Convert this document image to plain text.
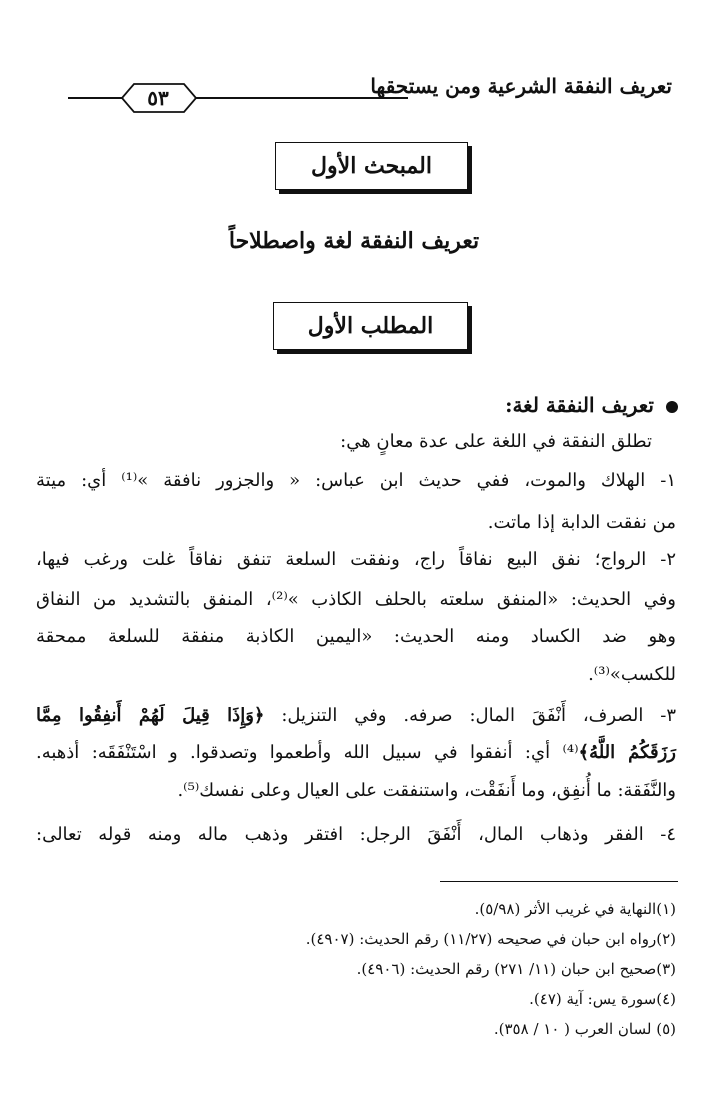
تعريف النفقة الشرعية ومن يستحقها
٥٣
المبحث الأول
تعريف النفقة لغة واصطلاحاً
المطلب الأول
تعريف النفقة لغة:
تطلق النفقة في اللغة على عدة معانٍ هي:
١- الهلاك والموت، ففي حديث ابن عباس: « والجزور نافقة »⁽¹⁾ أي: ميتة
من نفقت الدابة إذا ماتت.
٢- الرواج؛ نفق البيع نفاقاً راج، ونفقت السلعة تنفق نفاقاً غلت ورغب فيها،
وفي الحديث: «المنفق سلعته بالحلف الكاذب »⁽²⁾، المنفق بالتشديد من النفاق
وهو ضد الكساد ومنه الحديث: «اليمين الكاذبة منفقة للسلعة ممحقة
للكسب»⁽³⁾.
٣- الصرف، أَنْفَقَ المال: صرفه. وفي التنزيل: ﴿وَإِذَا قِيلَ لَهُمْ أَنفِقُوا مِمَّا
رَزَقَكُمُ اللَّهُ﴾⁽⁴⁾ أي: أنفقوا في سبيل الله وأطعموا وتصدقوا. و اسْتَنْفَقَه: أذهبه.
والنَّفَقة: ما أُنفِق، وما أَنفَقْت، واستنفقت على العيال وعلى نفسك⁽⁵⁾.
٤- الفقر وذهاب المال، أَنْفَقَ الرجل: افتقر وذهب ماله ومنه قوله تعالى:
(١)النهاية في غريب الأثر (٥/٩٨).
(٢)رواه ابن حبان في صحيحه (١١/٢٧) رقم الحديث: (٤٩٠٧).
(٣)صحيح ابن حبان (١١/ ٢٧١) رقم الحديث: (٤٩٠٦).
(٤)سورة يس: آية (٤٧).
(٥) لسان العرب ( ١٠ / ٣٥٨).
